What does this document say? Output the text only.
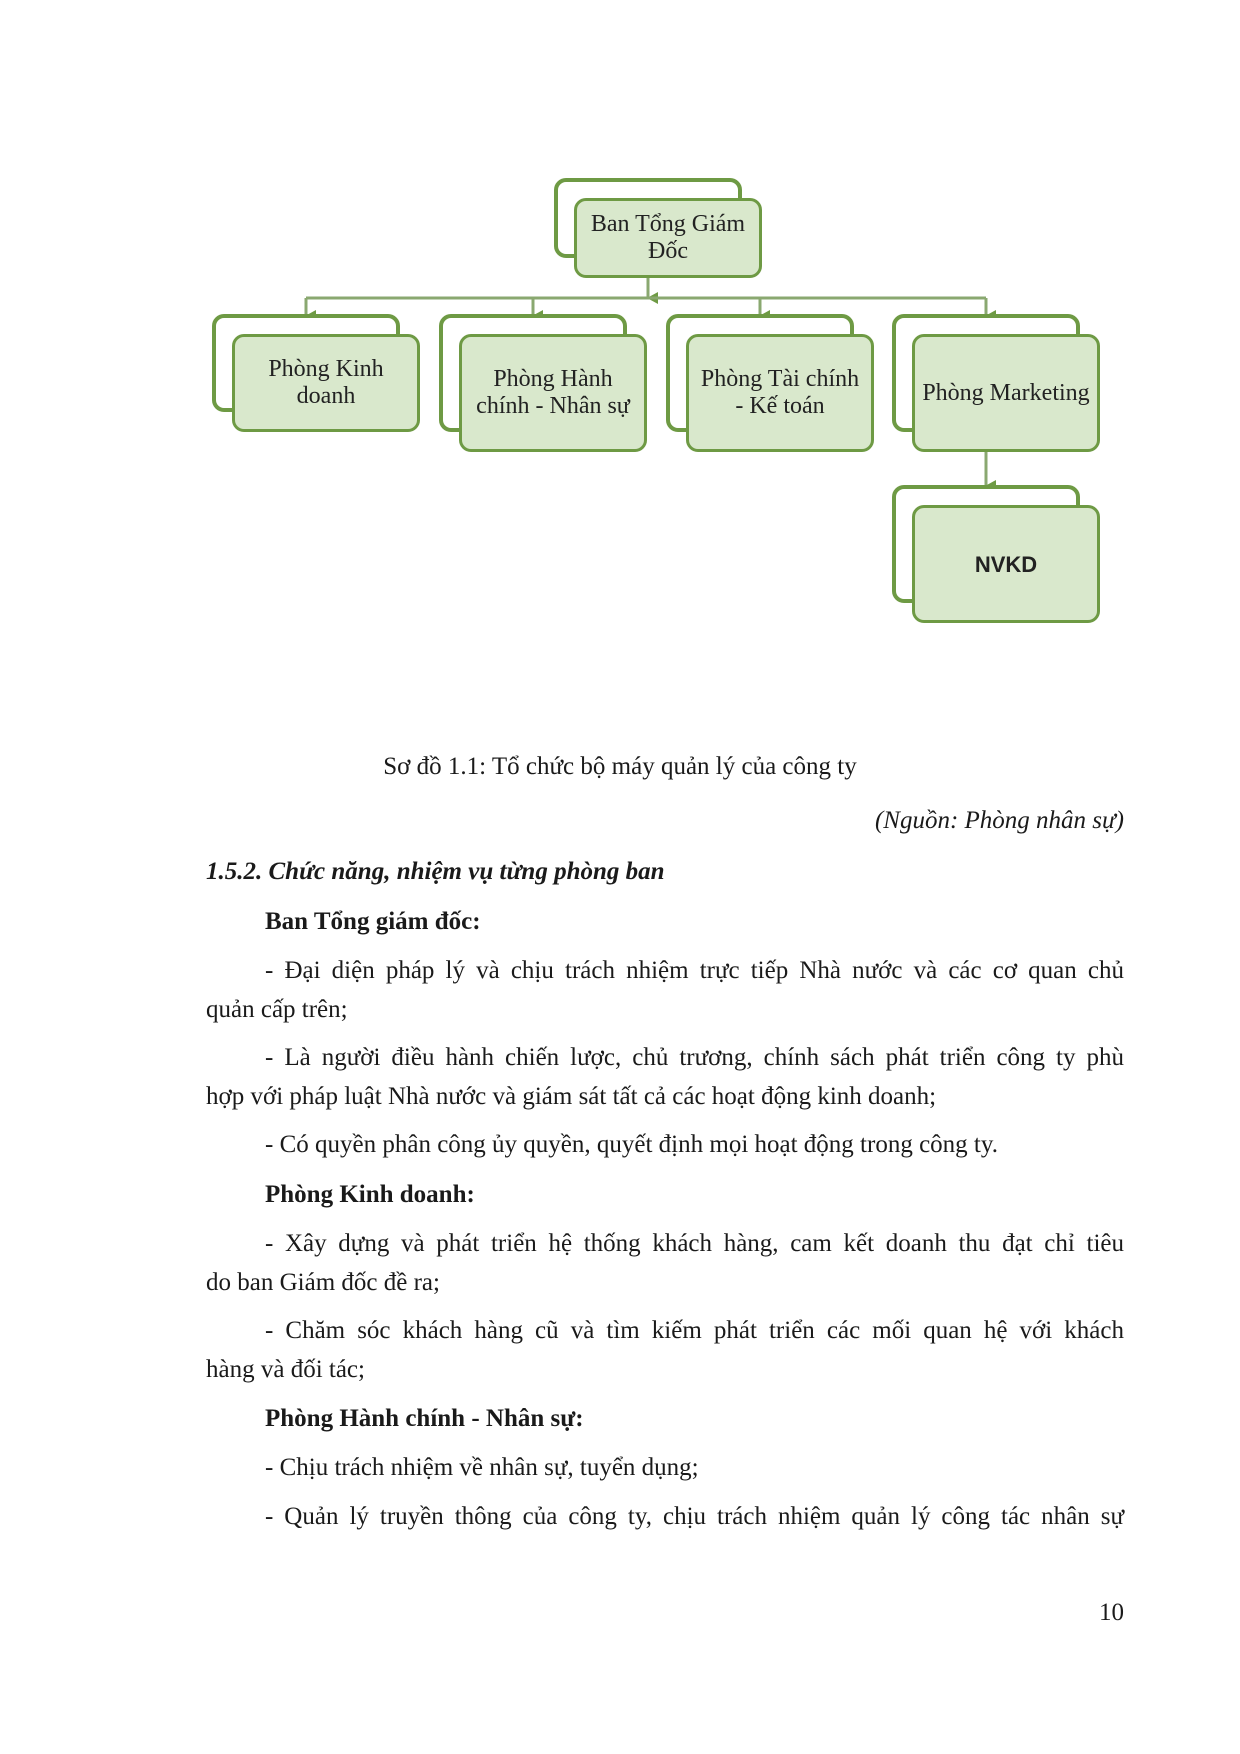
Ban Tổng Giám Đốc
Phòng Kinh doanh
Phòng Hành chính - Nhân sự
Phòng Tài chính - Kế toán
Phòng Marketing
NVKD
Sơ đồ 1.1: Tổ chức bộ máy quản lý của công ty
(Nguồn: Phòng nhân sự)
1.5.2. Chức năng, nhiệm vụ từng phòng ban
Ban Tổng giám đốc:
- Đại diện pháp lý và chịu trách nhiệm trực tiếp Nhà nước và các cơ quan chủ
quản cấp trên;
- Là người điều hành chiến lược, chủ trương, chính sách phát triển công ty phù
hợp với pháp luật Nhà nước và giám sát tất cả các hoạt động kinh doanh;
- Có quyền phân công ủy quyền, quyết định mọi hoạt động trong công ty.
Phòng Kinh doanh:
- Xây dựng và phát triển hệ thống khách hàng, cam kết doanh thu đạt chỉ tiêu
do ban Giám đốc đề ra;
- Chăm sóc khách hàng cũ và tìm kiếm phát triển các mối quan hệ với khách
hàng và đối tác;
Phòng Hành chính - Nhân sự:
- Chịu trách nhiệm về nhân sự, tuyển dụng;
- Quản lý truyền thông của công ty, chịu trách nhiệm quản lý công tác nhân sự
10
